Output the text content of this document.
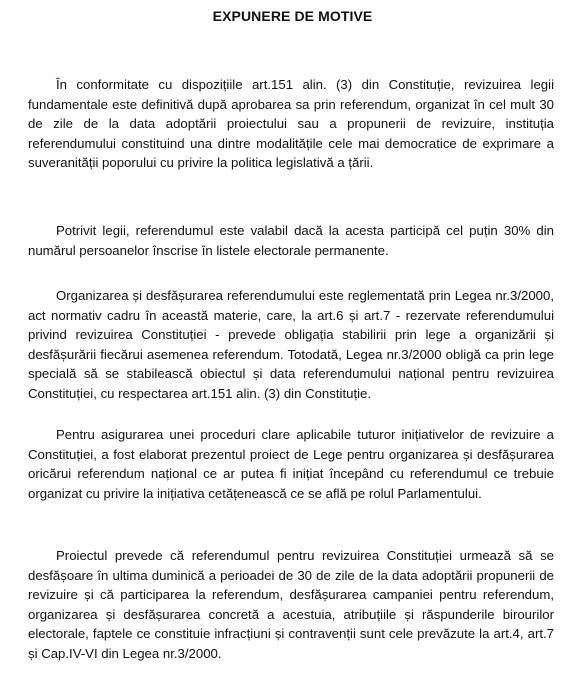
EXPUNERE DE MOTIVE

În conformitate cu dispozițiile art.151 alin. (3) din Constituție, revizuirea legii fundamentale este definitivă după aprobarea sa prin referendum, organizat în cel mult 30 de zile de la data adoptării proiectului sau a propunerii de revizuire, instituția referendumului constituind una dintre modalitățile cele mai democratice de exprimare a suveranității poporului cu privire la politica legislativă a țării.

Potrivit legii, referendumul este valabil dacă la acesta participă cel puțin 30% din numărul persoanelor înscrise în listele electorale permanente.

Organizarea și desfășurarea referendumului este reglementată prin Legea nr.3/2000, act normativ cadru în această materie, care, la art.6 și art.7 - rezervate referendumului privind revizuirea Constituției - prevede obligația stabilirii prin lege a organizării și desfășurării fiecărui asemenea referendum. Totodată, Legea nr.3/2000 obligă ca prin lege specială să se stabilească obiectul și data referendumului național pentru revizuirea Constituției, cu respectarea art.151 alin. (3) din Constituție.

Pentru asigurarea unei proceduri clare aplicabile tuturor inițiativelor de revizuire a Constituției, a fost elaborat prezentul proiect de Lege pentru organizarea și desfășurarea oricărui referendum național ce ar putea fi inițiat începând cu referendumul ce trebuie organizat cu privire la inițiativa cetățenească ce se află pe rolul Parlamentului.

Proiectul prevede că referendumul pentru revizuirea Constituției urmează să se desfășoare în ultima duminică a perioadei de 30 de zile de la data adoptării propunerii de revizuire și că participarea la referendum, desfășurarea campaniei pentru referendum, organizarea și desfășurarea concretă a acestuia, atribuțiile și răspunderile birourilor electorale, faptele ce constituie infracțiuni și contravenții sunt cele prevăzute la art.4, art.7 și Cap.IV-VI din Legea nr.3/2000.
